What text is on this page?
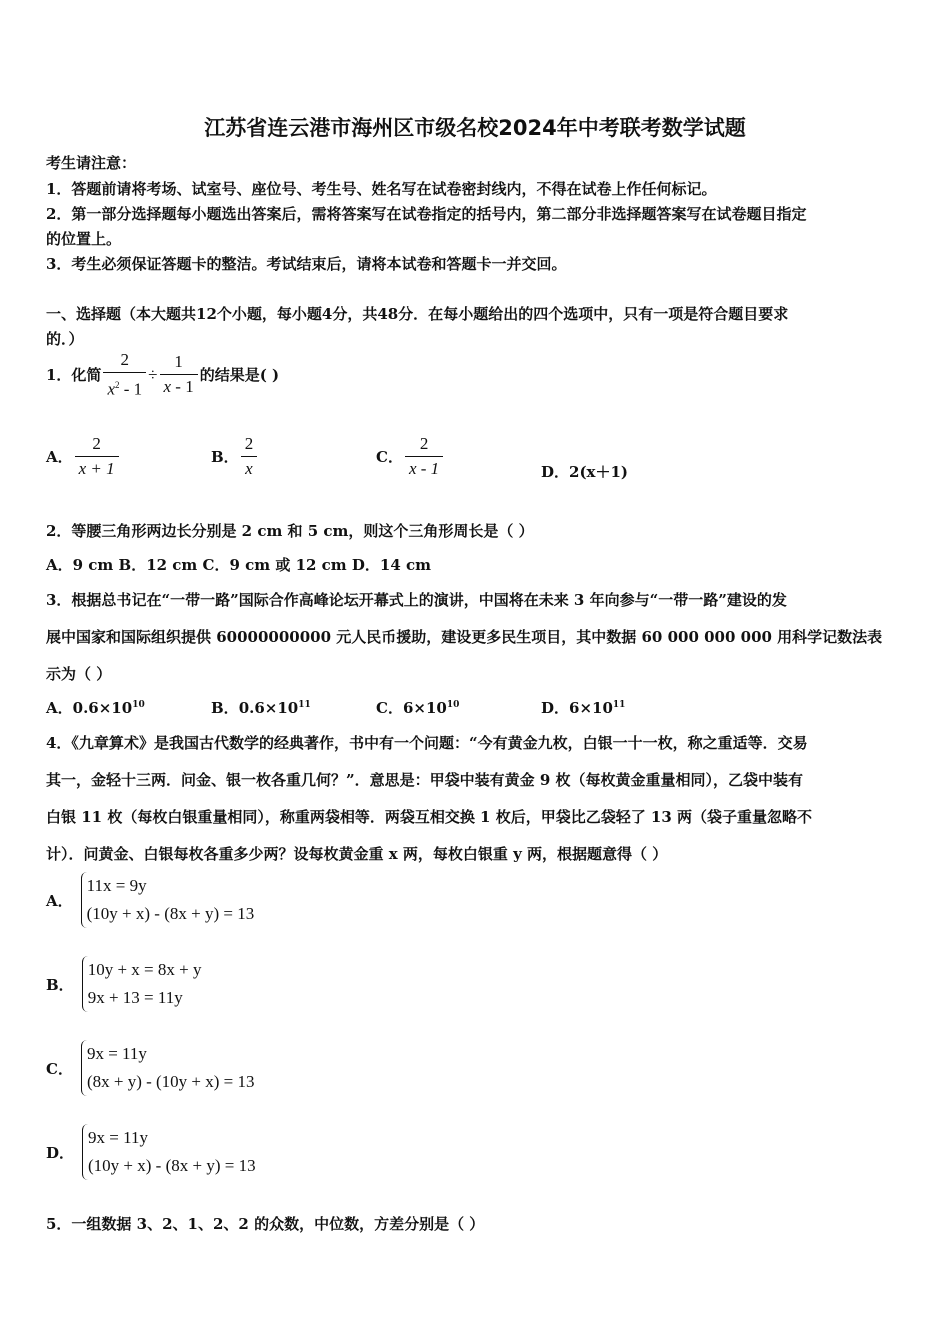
江苏省连云港市海州区市级名校2024年中考联考数学试题
考生请注意：
1．答题前请将考场、试室号、座位号、考生号、姓名写在试卷密封线内，不得在试卷上作任何标记。
2．第一部分选择题每小题选出答案后，需将答案写在试卷指定的括号内，第二部分非选择题答案写在试卷题目指定
的位置上。
3．考生必须保证答题卡的整洁。考试结束后，请将本试卷和答题卡一并交回。
一、选择题（本大题共12个小题，每小题4分，共48分．在每小题给出的四个选项中，只有一项是符合题目要求
的．）
1．化简 $\frac{2}{x^2 - 1} \div \frac{1}{x - 1}$ 的结果是( )
A． $\frac{2}{x + 1}$	B． $\frac{2}{x}$	C． $\frac{2}{x - 1}$	D．2(x＋1)
2．等腰三角形两边长分别是 2 cm 和 5 cm，则这个三角形周长是（ ）
A．9 cm B．12 cm C．9 cm 或 12 cm D．14 cm
3．根据总书记在“一带一路”国际合作高峰论坛开幕式上的演讲，中国将在未来 3 年向参与“一带一路”建设的发
展中国家和国际组织提供 60000000000 元人民币援助，建设更多民生项目，其中数据 60 000 000 000 用科学记数法表
示为（ ）
A．$0.6\times 10^{10}$	B．$0.6\times 10^{11}$	C．$6\times 10^{10}$	D．$6\times 10^{11}$
4．《九章算术》是我国古代数学的经典著作，书中有一个问题：“今有黄金九枚，白银一十一枚，称之重适等．交易
其一，金轻十三两．问金、银一枚各重几何？”．意思是：甲袋中装有黄金 9 枚（每枚黄金重量相同），乙袋中装有
白银 11 枚（每枚白银重量相同），称重两袋相等．两袋互相交换 1 枚后，甲袋比乙袋轻了 13 两（袋子重量忽略不
计）．问黄金、白银每枚各重多少两？设每枚黄金重 x 两，每枚白银重 y 两，根据题意得（ ）
A．
11x = 9y
(10y + x) - (8x + y) = 13
B．
10y + x = 8x + y
9x + 13 = 11y
C．
9x = 11y
(8x + y) - (10y + x) = 13
D．
9x = 11y
(10y + x) - (8x + y) = 13
5．一组数据 3、2、1、2、2 的众数，中位数，方差分别是（ ）
